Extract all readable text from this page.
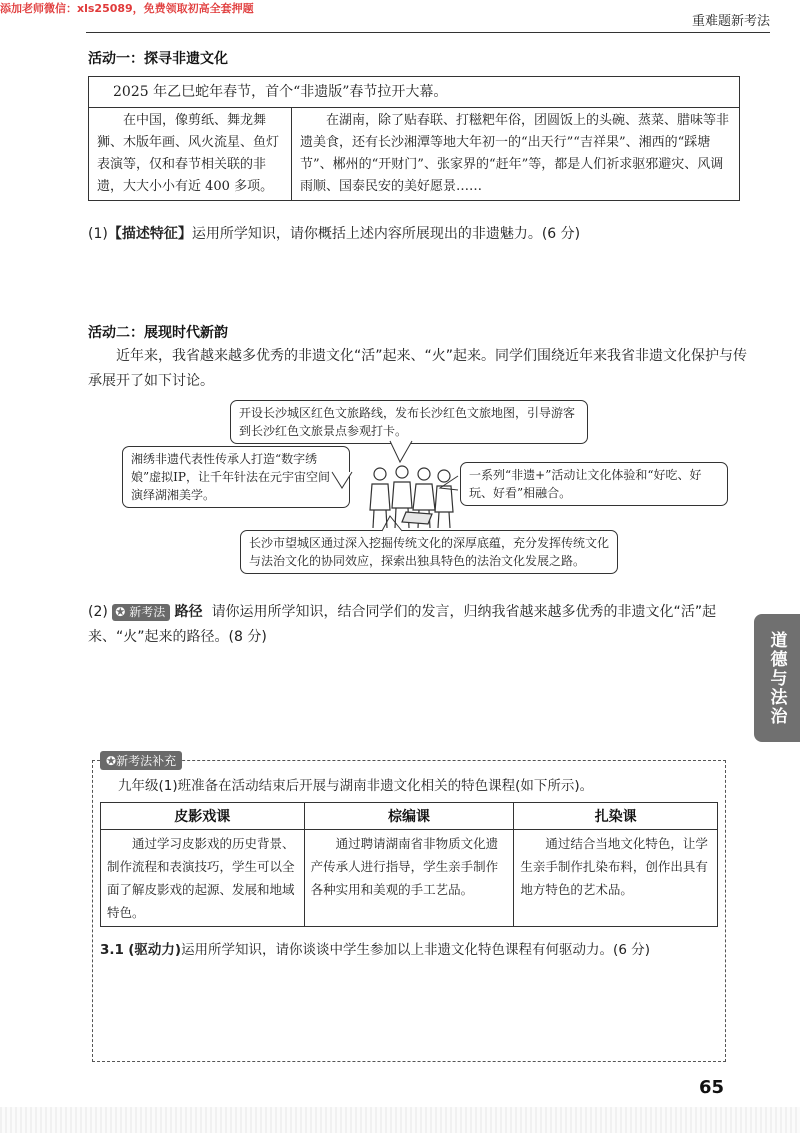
添加老师微信：xls25089，免费领取初高全套押题
重难题新考法
活动一：探寻非遗文化
2025 年乙巳蛇年春节，首个“非遗版”春节拉开大幕。
在中国，像剪纸、舞龙舞狮、木版年画、风火流星、鱼灯表演等，仅和春节相关联的非遗，大大小小有近 400 多项。	在湖南，除了贴春联、打糍粑年俗，团圆饭上的头碗、蒸菜、腊味等非遗美食，还有长沙湘潭等地大年初一的“出天行”“吉祥果”、湘西的“踩塘节”、郴州的“开财门”、张家界的“赶年”等，都是人们祈求驱邪避灾、风调雨顺、国泰民安的美好愿景……
(1)【描述特征】运用所学知识，请你概括上述内容所展现出的非遗魅力。(6 分)
活动二：展现时代新韵
近年来，我省越来越多优秀的非遗文化“活”起来、“火”起来。同学们围绕近年来我省非遗文化保护与传承展开了如下讨论。
开设长沙城区红色文旅路线，发布长沙红色文旅地图，引导游客到长沙红色文旅景点参观打卡。
湘绣非遗代表性传承人打造“数字绣娘”虚拟IP，让千年针法在元宇宙空间演绎湖湘美学。
一系列“非遗+”活动让文化体验和“好吃、好玩、好看”相融合。
长沙市望城区通过深入挖掘传统文化的深厚底蕴，充分发挥传统文化与法治文化的协同效应，探索出独具特色的法治文化发展之路。
(2) ✪ 新考法 路径 请你运用所学知识，结合同学们的发言，归纳我省越来越多优秀的非遗文化“活”起来、“火”起来的路径。(8 分)	道德与法治
✪新考法补充
九年级(1)班准备在活动结束后开展与湖南非遗文化相关的特色课程(如下所示)。
皮影戏课	棕编课	扎染课
通过学习皮影戏的历史背景、制作流程和表演技巧，学生可以全面了解皮影戏的起源、发展和地域特色。	通过聘请湖南省非物质文化遗产传承人进行指导，学生亲手制作各种实用和美观的手工艺品。	通过结合当地文化特色，让学生亲手制作扎染布料，创作出具有地方特色的艺术品。
3.1 (驱动力)运用所学知识，请你谈谈中学生参加以上非遗文化特色课程有何驱动力。(6 分)
65
